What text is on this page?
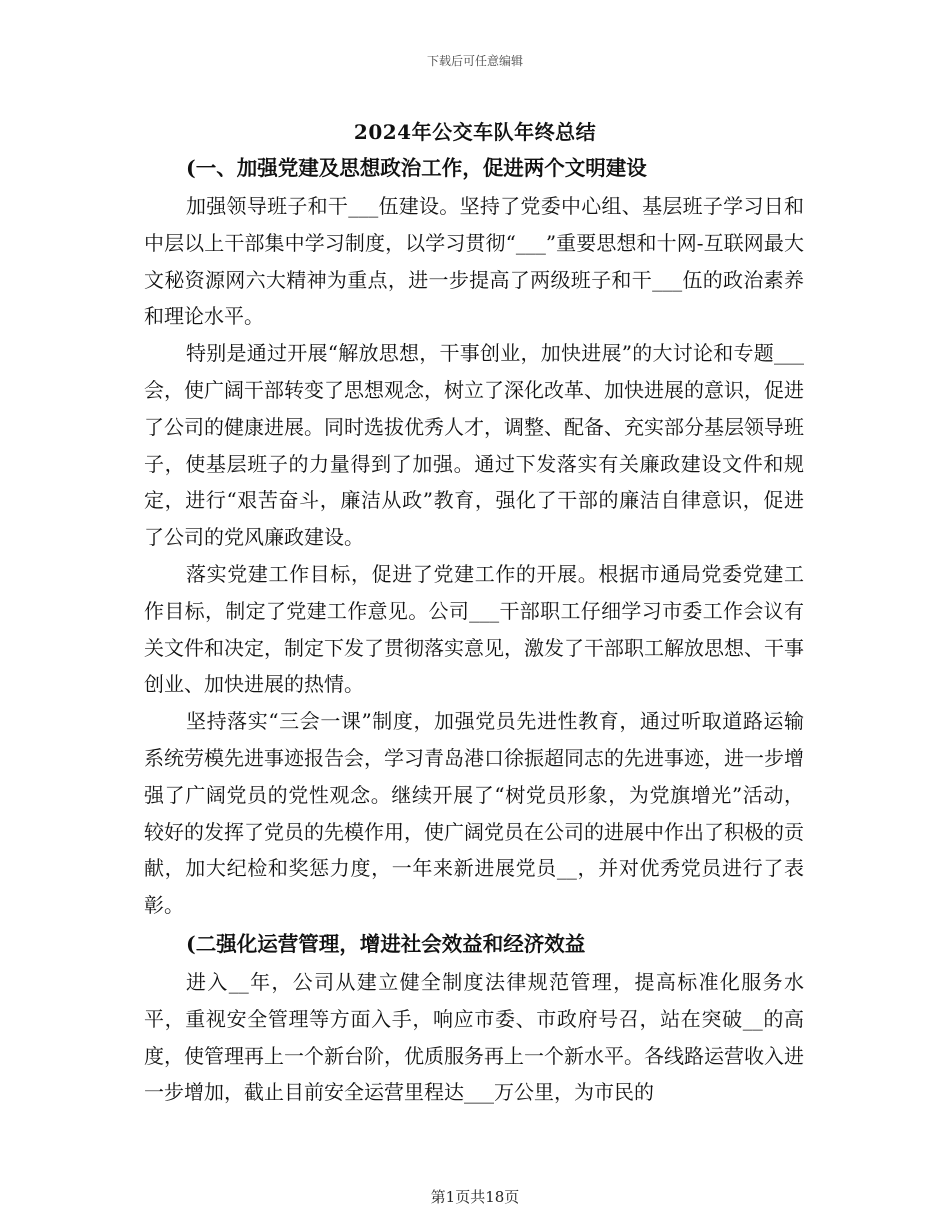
下载后可任意编辑
2024年公交车队年终总结

(一、加强党建及思想政治工作，促进两个文明建设

加强领导班子和干___伍建设。坚持了党委中心组、基层班子学习日和中层以上干部集中学习制度，以学习贯彻“___”重要思想和十网-互联网最大文秘资源网六大精神为重点，进一步提高了两级班子和干___伍的政治素养和理论水平。

特别是通过开展“解放思想，干事创业，加快进展”的大讨论和专题___会，使广阔干部转变了思想观念，树立了深化改革、加快进展的意识，促进了公司的健康进展。同时选拔优秀人才，调整、配备、充实部分基层领导班子，使基层班子的力量得到了加强。通过下发落实有关廉政建设文件和规定，进行“艰苦奋斗，廉洁从政”教育，强化了干部的廉洁自律意识，促进了公司的党风廉政建设。

落实党建工作目标，促进了党建工作的开展。根据市通局党委党建工作目标，制定了党建工作意见。公司___干部职工仔细学习市委工作会议有关文件和决定，制定下发了贯彻落实意见，激发了干部职工解放思想、干事创业、加快进展的热情。

坚持落实“三会一课”制度，加强党员先进性教育，通过听取道路运输系统劳模先进事迹报告会，学习青岛港口徐振超同志的先进事迹，进一步增强了广阔党员的党性观念。继续开展了“树党员形象，为党旗增光”活动，较好的发挥了党员的先模作用，使广阔党员在公司的进展中作出了积极的贡献，加大纪检和奖惩力度，一年来新进展党员__，并对优秀党员进行了表彰。

(二强化运营管理，增进社会效益和经济效益

进入__年，公司从建立健全制度法律规范管理，提高标准化服务水平，重视安全管理等方面入手，响应市委、市政府号召，站在突破__的高度，使管理再上一个新台阶，优质服务再上一个新水平。各线路运营收入进一步增加，截止目前安全运营里程达___万公里，为市民的

第1页共18页
